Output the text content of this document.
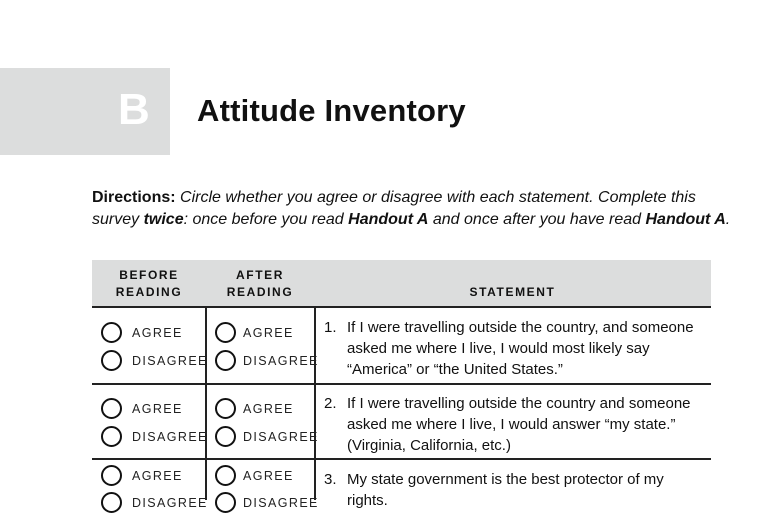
B Attitude Inventory
Directions: Circle whether you agree or disagree with each statement. Complete this survey twice: once before you read Handout A and once after you have read Handout A.
BEFORE
READING
AFTER
READING	STATEMENT
AGREE
DISAGREE
AGREE
DISAGREE
1. If I were travelling outside the country, and someone asked me where I live, I would most likely say “America” or “the United States.”
AGREE
DISAGREE
AGREE
DISAGREE
2. If I were travelling outside the country and someone asked me where I live, I would answer “my state.” (Virginia, California, etc.)
AGREE
DISAGREE
AGREE
DISAGREE
3. My state government is the best protector of my rights.
